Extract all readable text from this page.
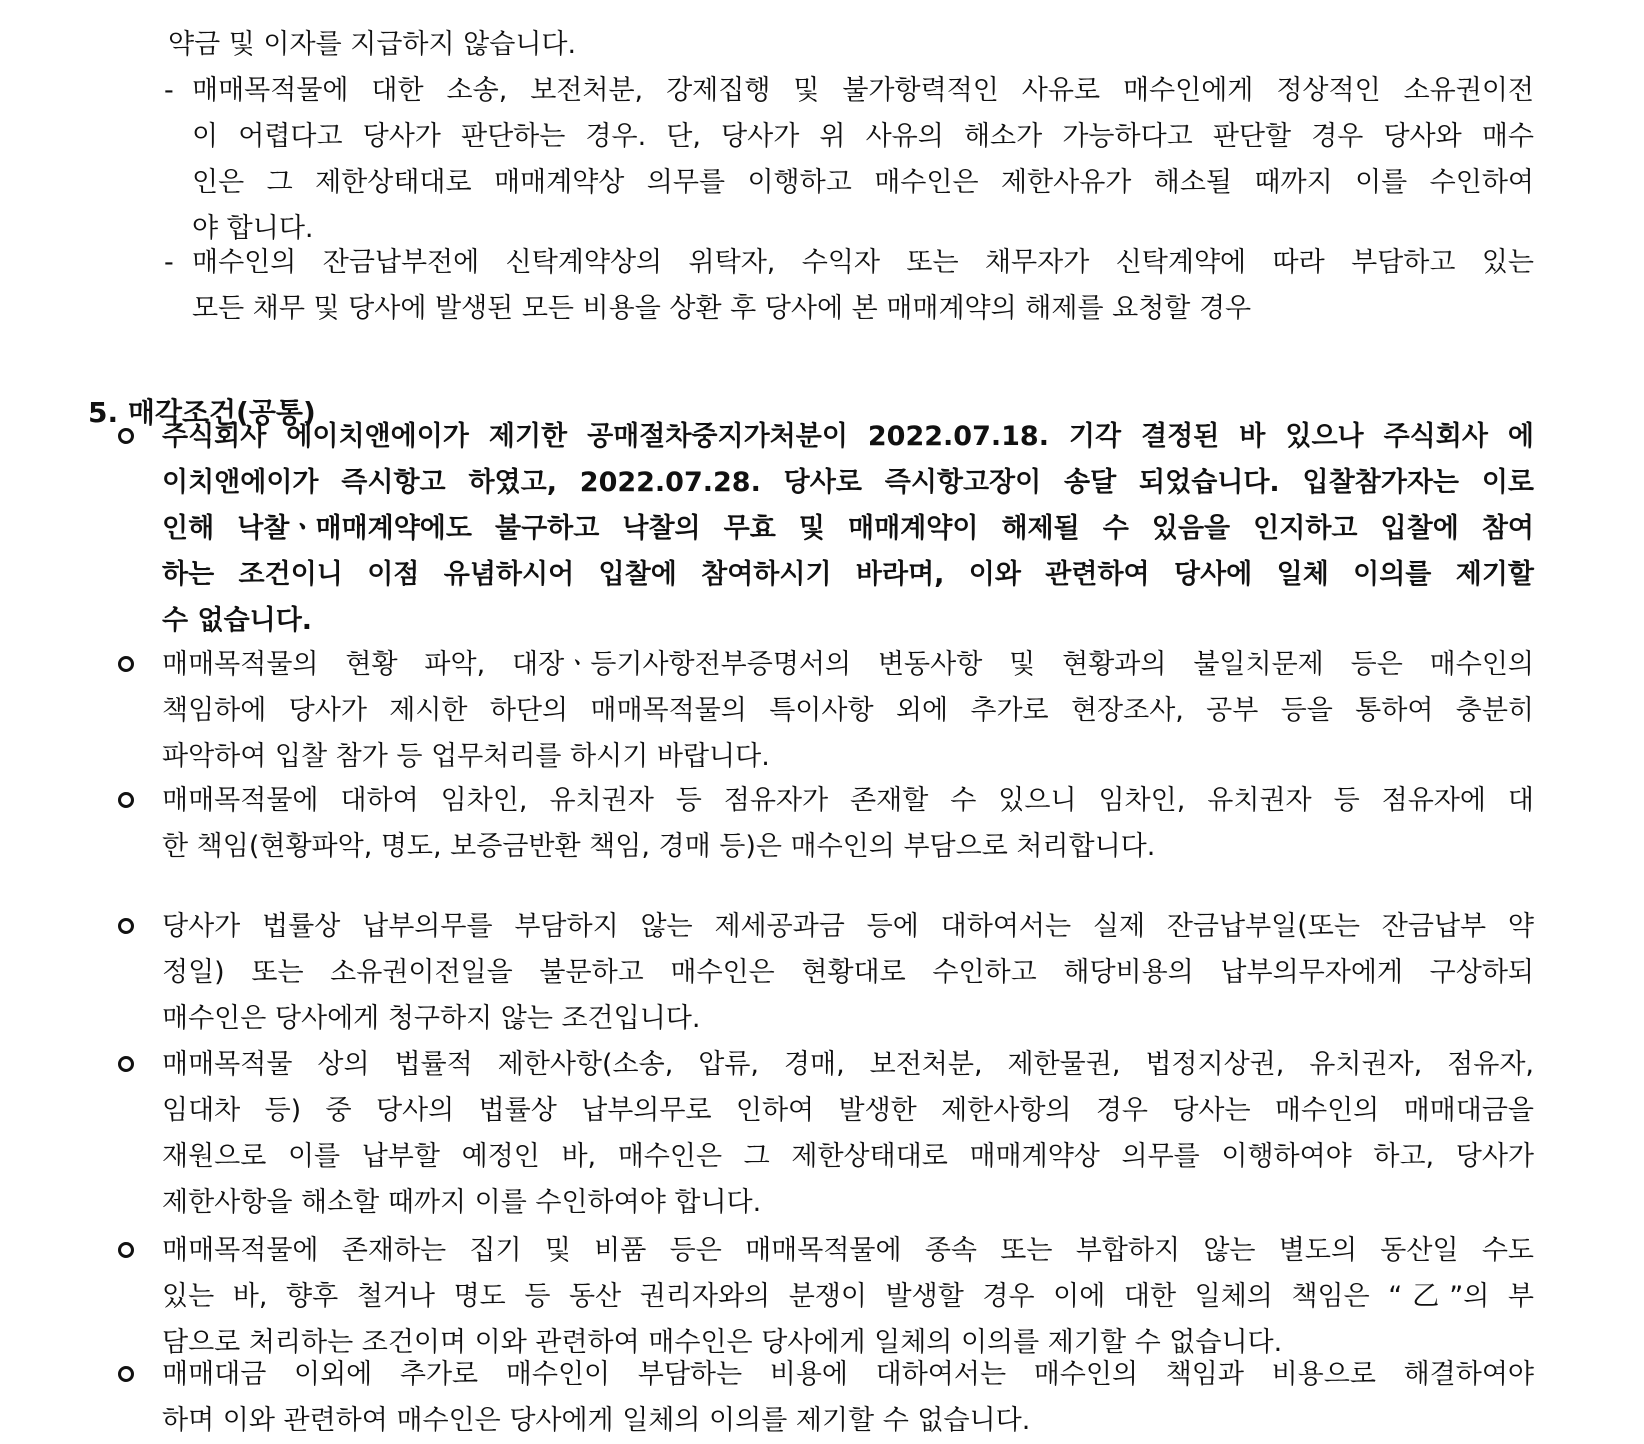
약금 및 이자를 지급하지 않습니다.
- 매매목적물에 대한 소송, 보전처분, 강제집행 및 불가항력적인 사유로 매수인에게 정상적인 소유권이전
이 어렵다고 당사가 판단하는 경우. 단, 당사가 위 사유의 해소가 가능하다고 판단할 경우 당사와 매수
인은 그 제한상태대로 매매계약상 의무를 이행하고 매수인은 제한사유가 해소될 때까지 이를 수인하여
야 합니다.
- 매수인의 잔금납부전에 신탁계약상의 위탁자, 수익자 또는 채무자가 신탁계약에 따라 부담하고 있는
모든 채무 및 당사에 발생된 모든 비용을 상환 후 당사에 본 매매계약의 해제를 요청할 경우
5. 매각조건(공통)
주식회사 에이치앤에이가 제기한 공매절차중지가처분이 2022.07.18. 기각 결정된 바 있으나 주식회사 에
이치앤에이가 즉시항고 하였고, 2022.07.28. 당사로 즉시항고장이 송달 되었습니다. 입찰참가자는 이로
인해 낙찰ㆍ매매계약에도 불구하고 낙찰의 무효 및 매매계약이 해제될 수 있음을 인지하고 입찰에 참여
하는 조건이니 이점 유념하시어 입찰에 참여하시기 바라며, 이와 관련하여 당사에 일체 이의를 제기할
수 없습니다.
매매목적물의 현황 파악, 대장ㆍ등기사항전부증명서의 변동사항 및 현황과의 불일치문제 등은 매수인의
책임하에 당사가 제시한 하단의 매매목적물의 특이사항 외에 추가로 현장조사, 공부 등을 통하여 충분히
파악하여 입찰 참가 등 업무처리를 하시기 바랍니다.
매매목적물에 대하여 임차인, 유치권자 등 점유자가 존재할 수 있으니 임차인, 유치권자 등 점유자에 대
한 책임(현황파악, 명도, 보증금반환 책임, 경매 등)은 매수인의 부담으로 처리합니다.
당사가 법률상 납부의무를 부담하지 않는 제세공과금 등에 대하여서는 실제 잔금납부일(또는 잔금납부 약
정일) 또는 소유권이전일을 불문하고 매수인은 현황대로 수인하고 해당비용의 납부의무자에게 구상하되
매수인은 당사에게 청구하지 않는 조건입니다.
매매목적물 상의 법률적 제한사항(소송, 압류, 경매, 보전처분, 제한물권, 법정지상권, 유치권자, 점유자,
임대차 등) 중 당사의 법률상 납부의무로 인하여 발생한 제한사항의 경우 당사는 매수인의 매매대금을
재원으로 이를 납부할 예정인 바, 매수인은 그 제한상태대로 매매계약상 의무를 이행하여야 하고, 당사가
제한사항을 해소할 때까지 이를 수인하여야 합니다.
매매목적물에 존재하는 집기 및 비품 등은 매매목적물에 종속 또는 부합하지 않는 별도의 동산일 수도
있는 바, 향후 철거나 명도 등 동산 권리자와의 분쟁이 발생할 경우 이에 대한 일체의 책임은 “乙”의 부
담으로 처리하는 조건이며 이와 관련하여 매수인은 당사에게 일체의 이의를 제기할 수 없습니다.
매매대금 이외에 추가로 매수인이 부담하는 비용에 대하여서는 매수인의 책임과 비용으로 해결하여야
하며 이와 관련하여 매수인은 당사에게 일체의 이의를 제기할 수 없습니다.
